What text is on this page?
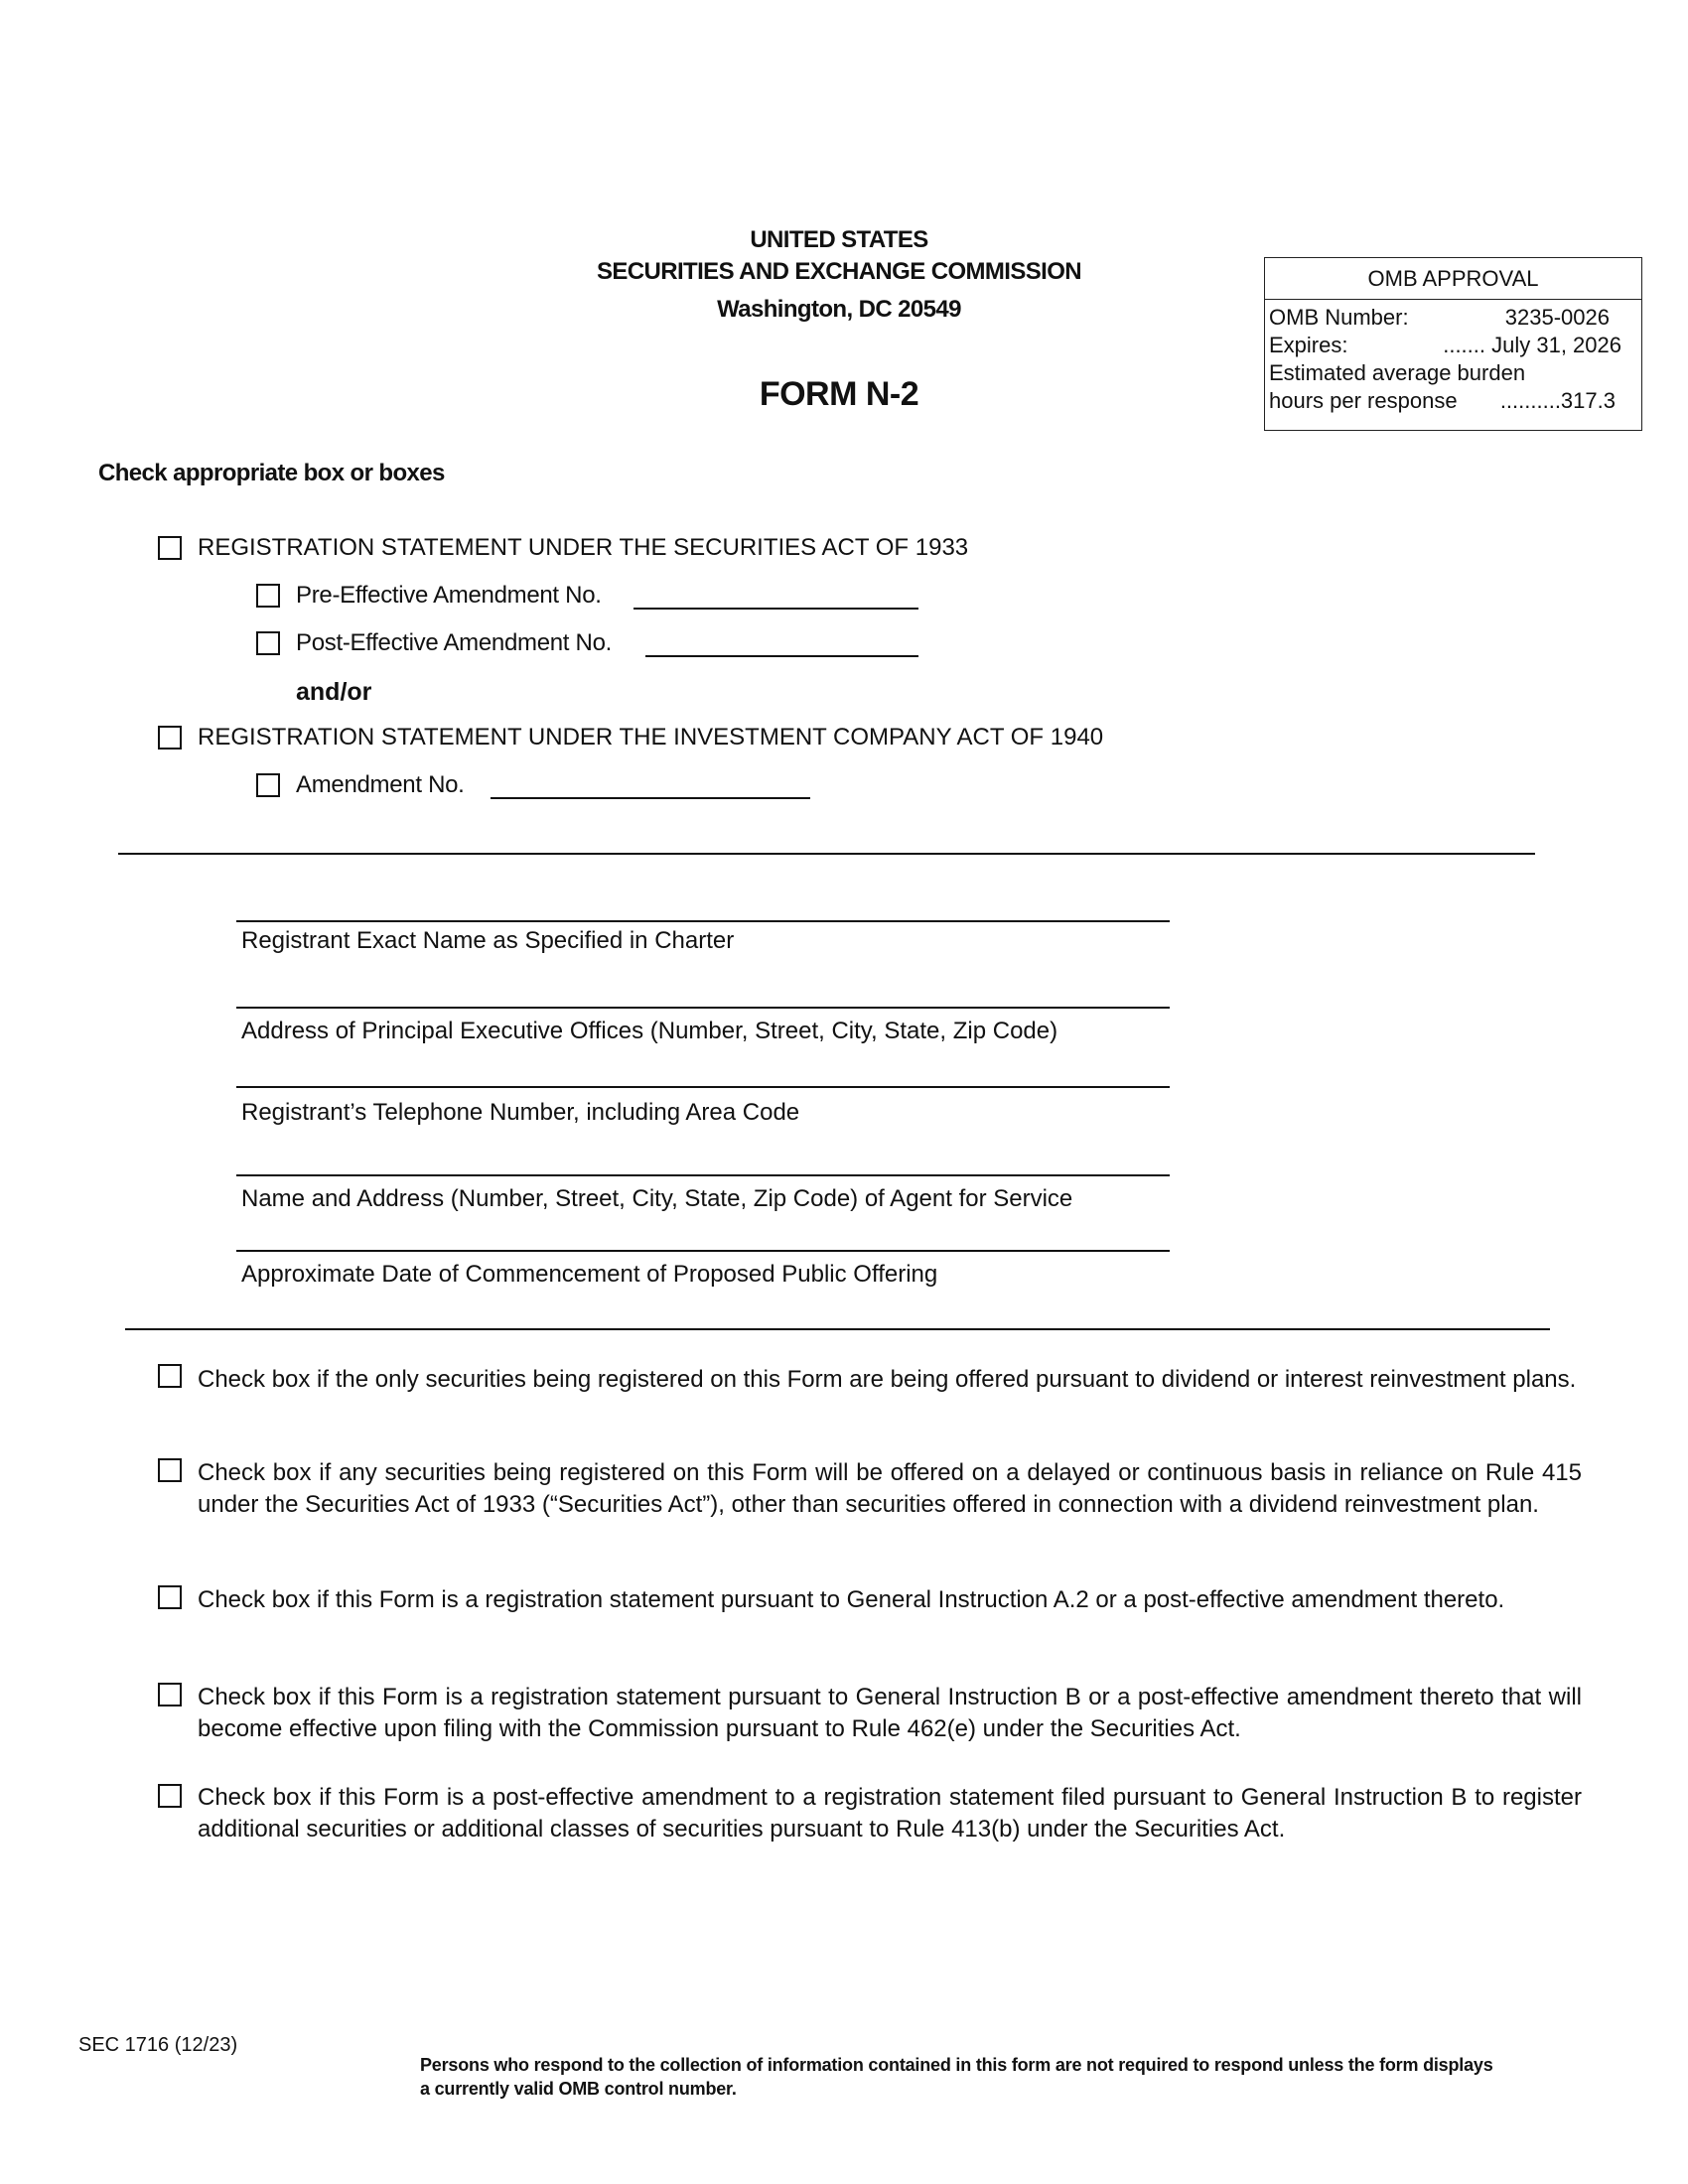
UNITED STATES
SECURITIES AND EXCHANGE COMMISSION
Washington, DC 20549
FORM N-2
OMB APPROVAL
OMB Number:	3235-0026
Expires:	....... July 31, 2026
Estimated average burden
hours per response ..........317.3
Check appropriate box or boxes
REGISTRATION STATEMENT UNDER THE SECURITIES ACT OF 1933
Pre-Effective Amendment No.
Post-Effective Amendment No.
and/or
REGISTRATION STATEMENT UNDER THE INVESTMENT COMPANY ACT OF 1940
Amendment No.
Registrant Exact Name as Specified in Charter
Address of Principal Executive Offices (Number, Street, City, State, Zip Code)
Registrant’s Telephone Number, including Area Code
Name and Address (Number, Street, City, State, Zip Code) of Agent for Service
Approximate Date of Commencement of Proposed Public Offering
Check box if the only securities being registered on this Form are being offered pursuant to dividend or interest reinvestment plans.
Check box if any securities being registered on this Form will be offered on a delayed or continuous basis in reliance on Rule 415 under the Securities Act of 1933 (“Securities Act”), other than securities offered in connection with a dividend reinvestment plan.
Check box if this Form is a registration statement pursuant to General Instruction A.2 or a post-effective amendment thereto.
Check box if this Form is a registration statement pursuant to General Instruction B or a post-effective amendment thereto that will become effective upon filing with the Commission pursuant to Rule 462(e) under the Securities Act.
Check box if this Form is a post-effective amendment to a registration statement filed pursuant to General Instruction B to register additional securities or additional classes of securities pursuant to Rule 413(b) under the Securities Act.
SEC 1716 (12/23)
Persons who respond to the collection of information contained in this form are not required to respond unless the form displays a currently valid OMB control number.
